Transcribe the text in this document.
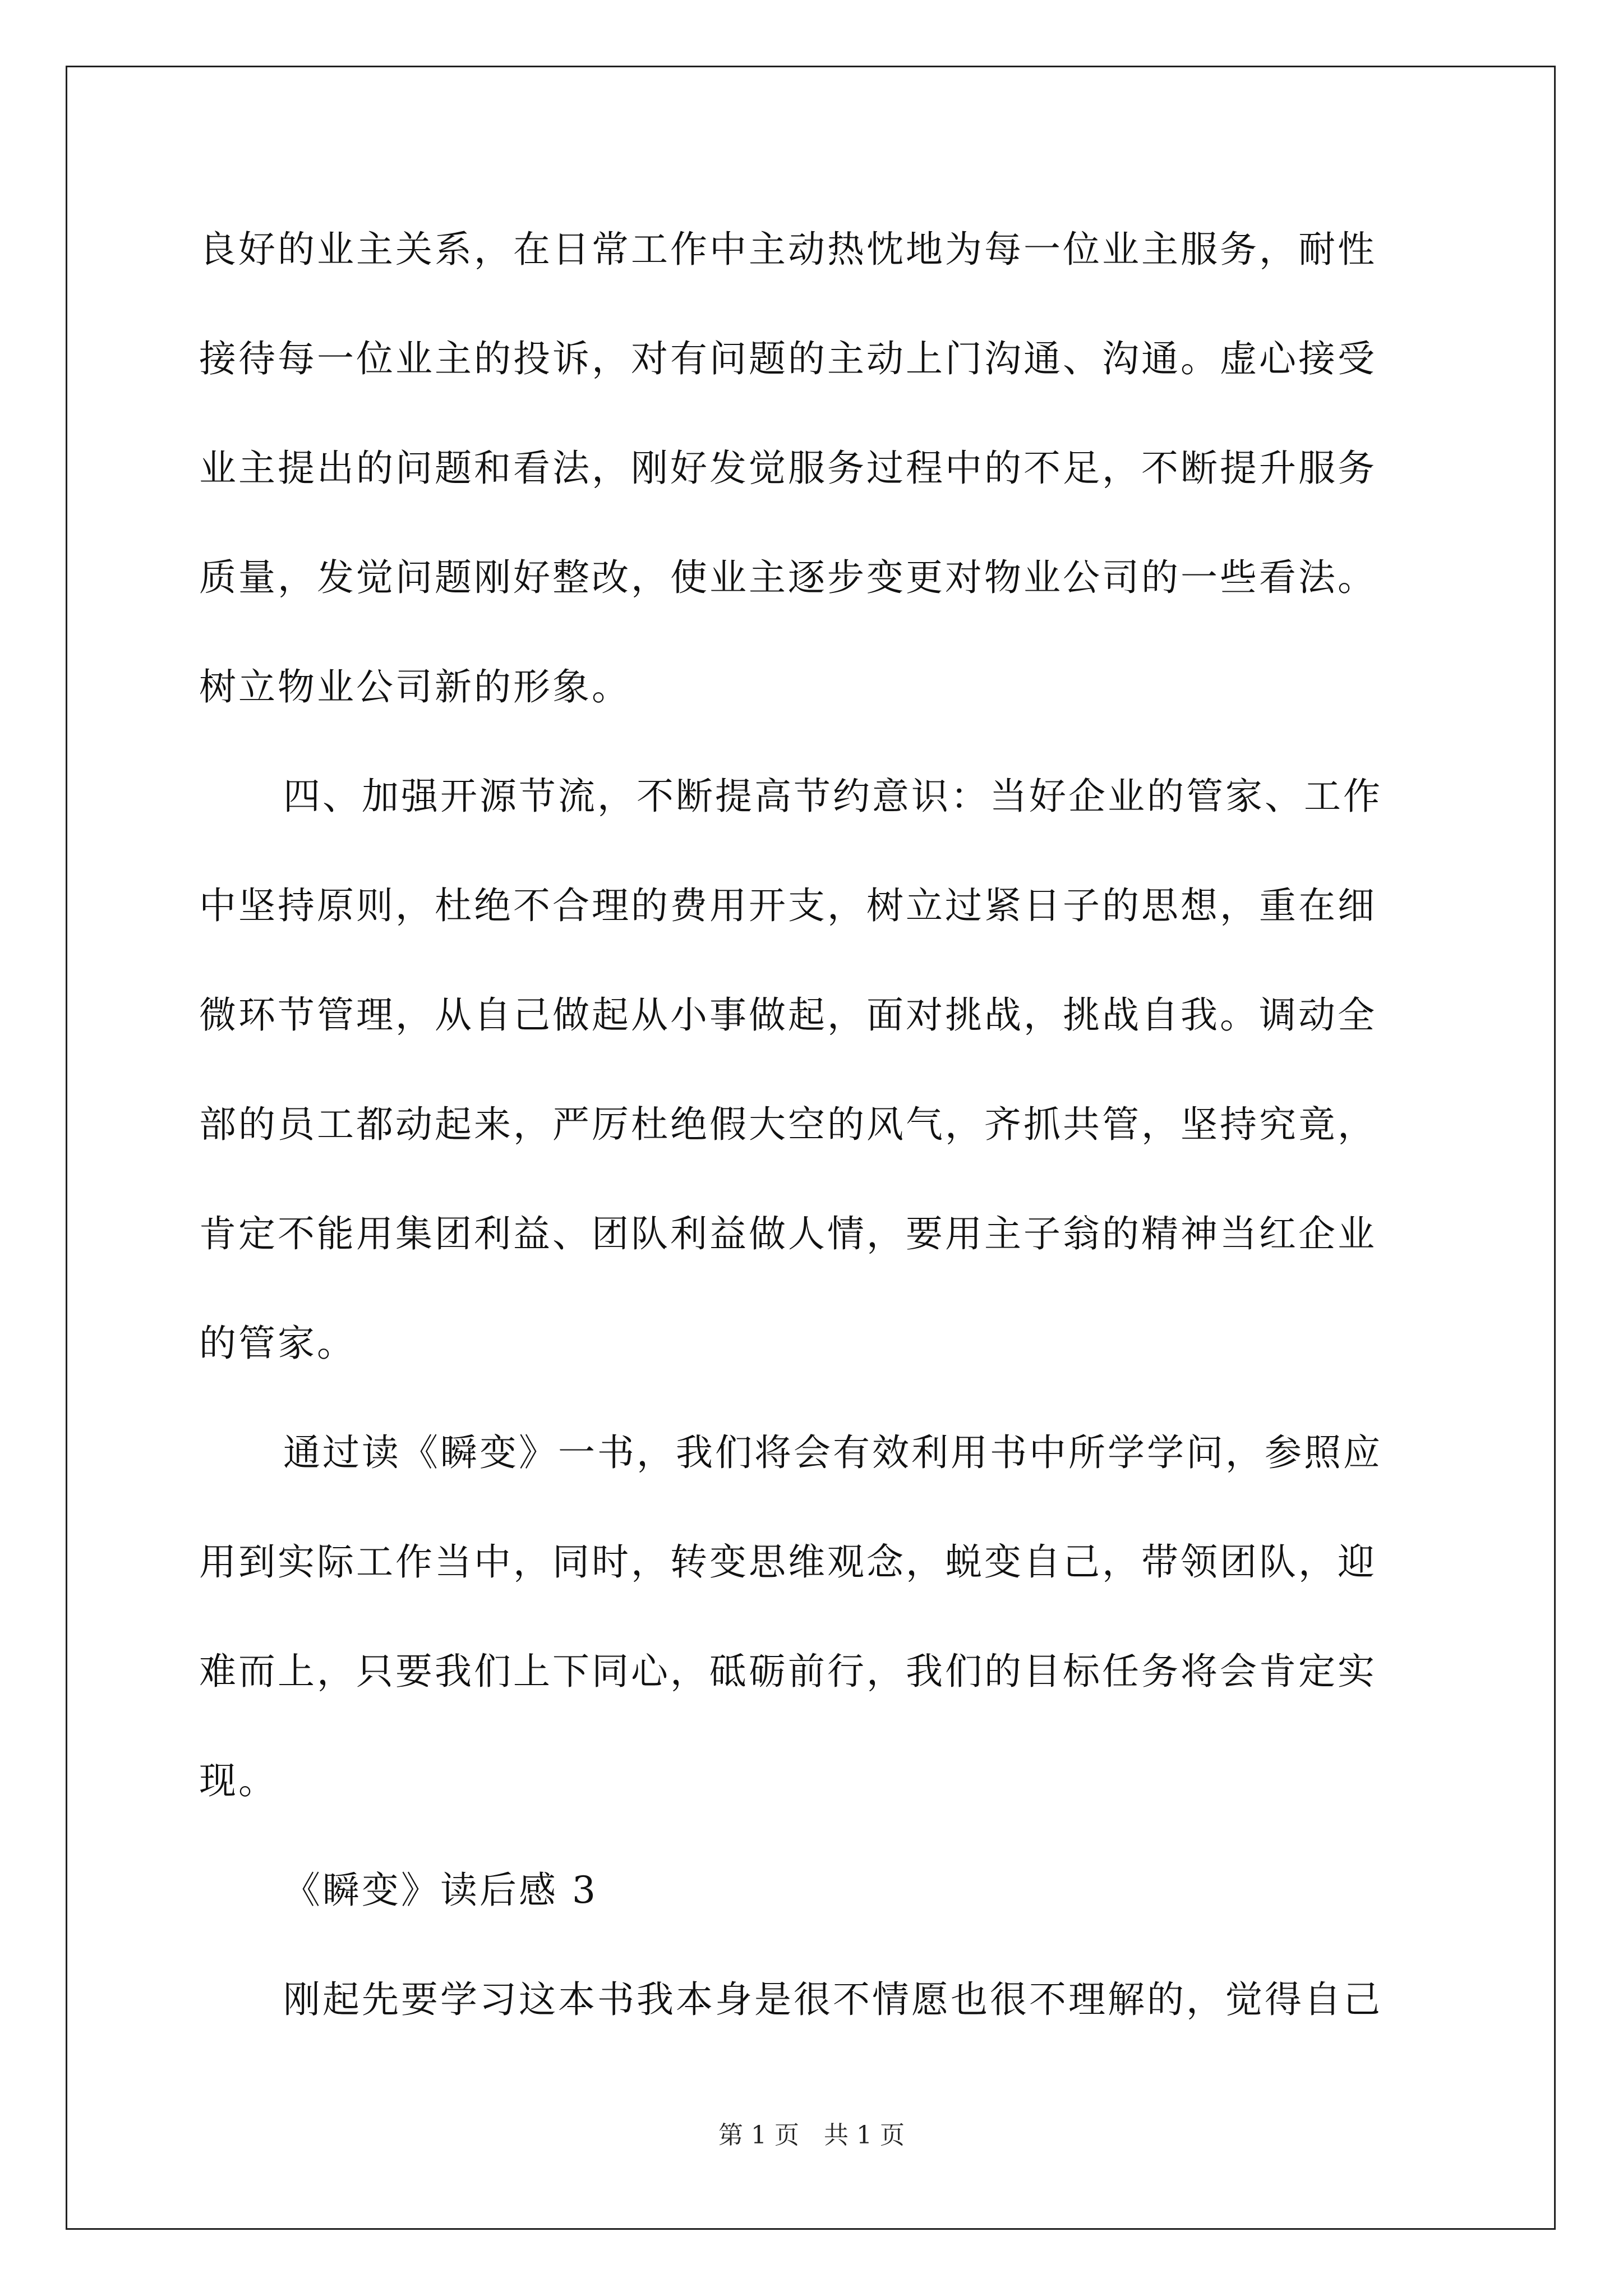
良好的业主关系，在日常工作中主动热忱地为每一位业主服务，耐性
接待每一位业主的投诉，对有问题的主动上门沟通、沟通。虚心接受
业主提出的问题和看法，刚好发觉服务过程中的不足，不断提升服务
质量，发觉问题刚好整改，使业主逐步变更对物业公司的一些看法。
树立物业公司新的形象。
四、加强开源节流，不断提高节约意识：当好企业的管家、工作
中坚持原则，杜绝不合理的费用开支，树立过紧日子的思想，重在细
微环节管理，从自己做起从小事做起，面对挑战，挑战自我。调动全
部的员工都动起来，严厉杜绝假大空的风气，齐抓共管，坚持究竟，
肯定不能用集团利益、团队利益做人情，要用主子翁的精神当红企业
的管家。
通过读《瞬变》一书，我们将会有效利用书中所学学问，参照应
用到实际工作当中，同时，转变思维观念，蜕变自己，带领团队，迎
难而上，只要我们上下同心，砥砺前行，我们的目标任务将会肯定实
现。
《瞬变》读后感 3
刚起先要学习这本书我本身是很不情愿也很不理解的，觉得自己
第 1 页　共 1 页
